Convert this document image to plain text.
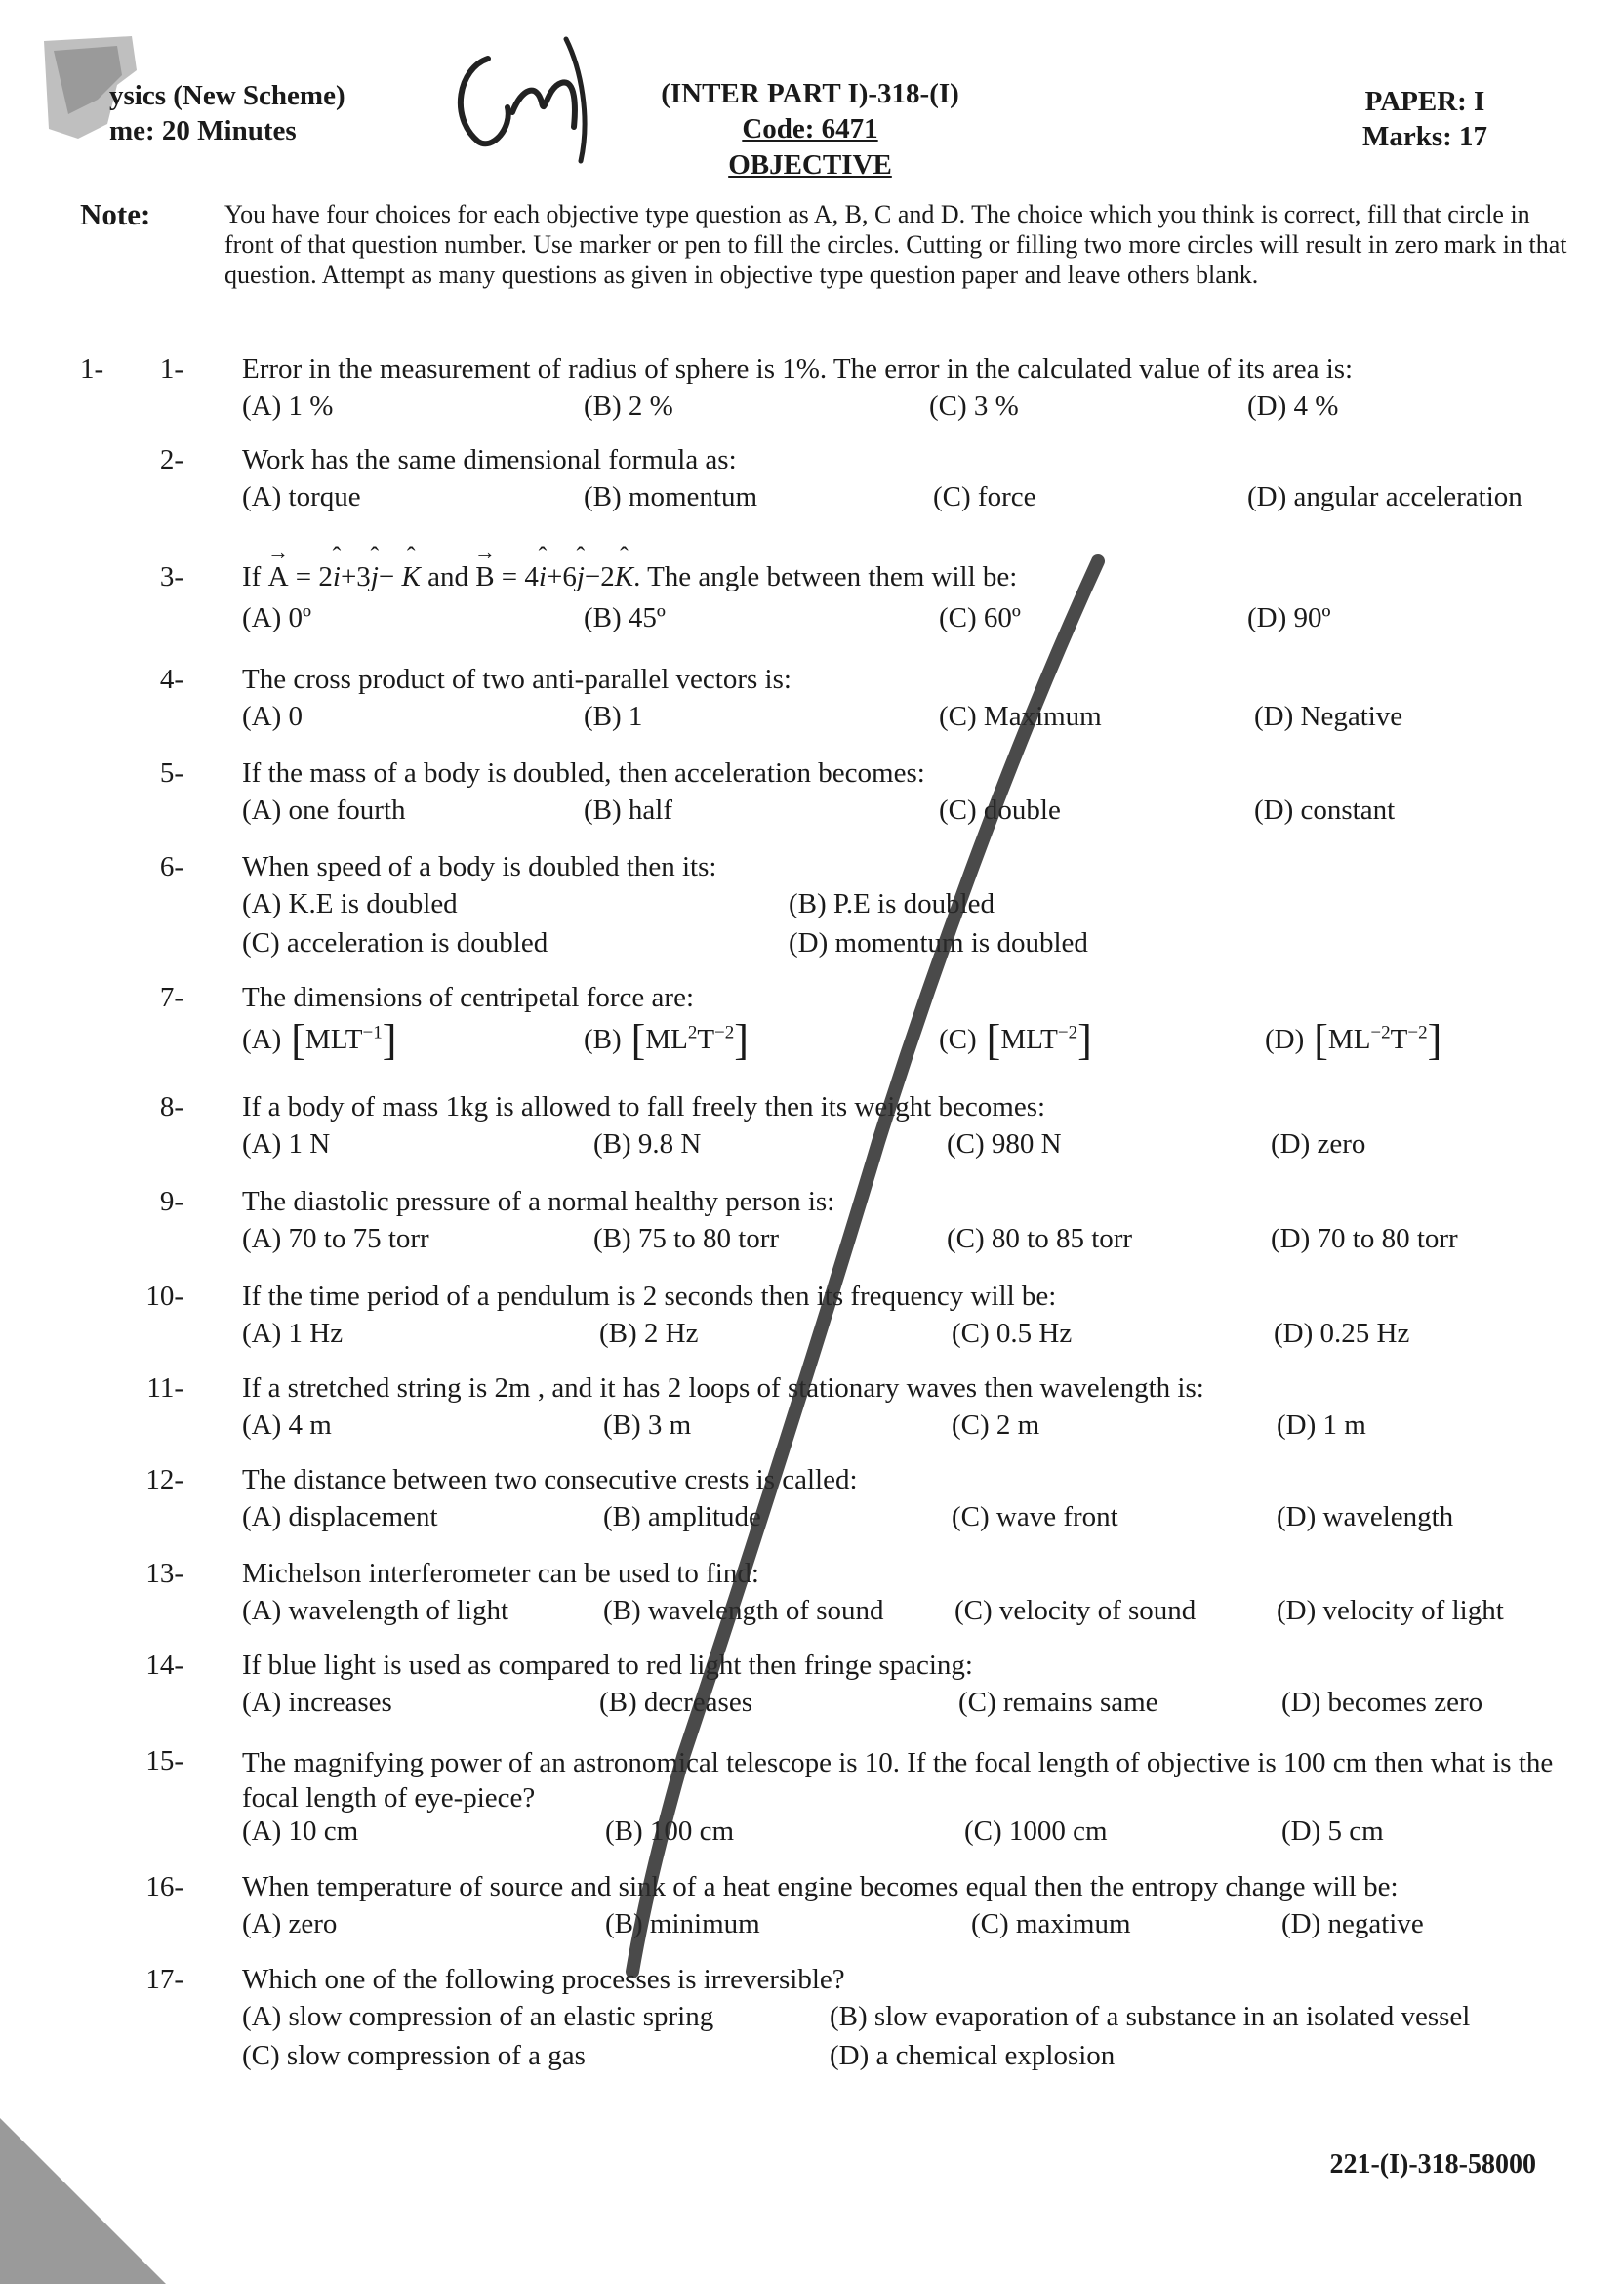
ysics (New Scheme)
me: 20 Minutes
(INTER PART I)-318-(I)
Code: 6471
OBJECTIVE
PAPER: I
Marks: 17
Note:	You have four choices for each objective type question as A, B, C and D. The choice which you think is correct, fill that circle in front of that question number. Use marker or pen to fill the circles. Cutting or filling two more circles will result in zero mark in that question. Attempt as many questions as given in objective type question paper and leave others blank.
1-
1-	Error in the measurement of radius of sphere is 1%. The error in the calculated value of its area is:
(A) 1 %	(B) 2 %	(C) 3 %	(D) 4 %
2- Work has the same dimensional formula as:
(A) torque	(B) momentum	(C) force	(D) angular acceleration
3- If → A = 2ˆ i+3ˆ j− ˆ K and → B = 4ˆ i+6ˆ j−2ˆ K. The angle between them will be:
(A) 0º	(B) 45º	(C) 60º	(D) 90º
4- The cross product of two anti-parallel vectors is:
(A) 0	(B) 1	(C) Maximum	(D) Negative
5- If the mass of a body is doubled, then acceleration becomes:
(A) one fourth	(B) half	(C) double	(D) constant
6- When speed of a body is doubled then its:
(A) K.E is doubled	(B) P.E is doubled
(C) acceleration is doubled	(D) momentum is doubled
7- The dimensions of centripetal force are:
(A) $[MLT^{-1}]$	(B) $[ML^2T^{-2}]$	(C) $[MLT^{-2}]$	(D) $[ML^{-2}T^{-2}]$
8- If a body of mass 1kg is allowed to fall freely then its weight becomes:
(A) 1 N	(B) 9.8 N	(C) 980 N	(D) zero
9- The diastolic pressure of a normal healthy person is:
(A) 70 to 75 torr	(B) 75 to 80 torr	(C) 80 to 85 torr	(D) 70 to 80 torr
10- If the time period of a pendulum is 2 seconds then its frequency will be:
(A) 1 Hz	(B) 2 Hz	(C) 0.5 Hz	(D) 0.25 Hz
11- If a stretched string is 2m , and it has 2 loops of stationary waves then wavelength is:
(A) 4 m	(B) 3 m	(C) 2 m	(D) 1 m
12- The distance between two consecutive crests is called:
(A) displacement	(B) amplitude	(C) wave front	(D) wavelength
13- Michelson interferometer can be used to find:
(A) wavelength of light	(B) wavelength of sound (C) velocity of sound	(D) velocity of light
14- If blue light is used as compared to red light then fringe spacing:
(A) increases	(B) decreases	(C) remains same	(D) becomes zero
15- The magnifying power of an astronomical telescope is 10. If the focal length of objective is 100 cm then what is the focal length of eye-piece?
(A) 10 cm	(B) 100 cm	(C) 1000 cm	(D) 5 cm
16- When temperature of source and sink of a heat engine becomes equal then the entropy change will be:
(A) zero	(B) minimum	(C) maximum	(D) negative
17- Which one of the following processes is irreversible?
(A) slow compression of an elastic spring	(B) slow evaporation of a substance in an isolated vessel
(C) slow compression of a gas	(D) a chemical explosion
221-(I)-318-58000
